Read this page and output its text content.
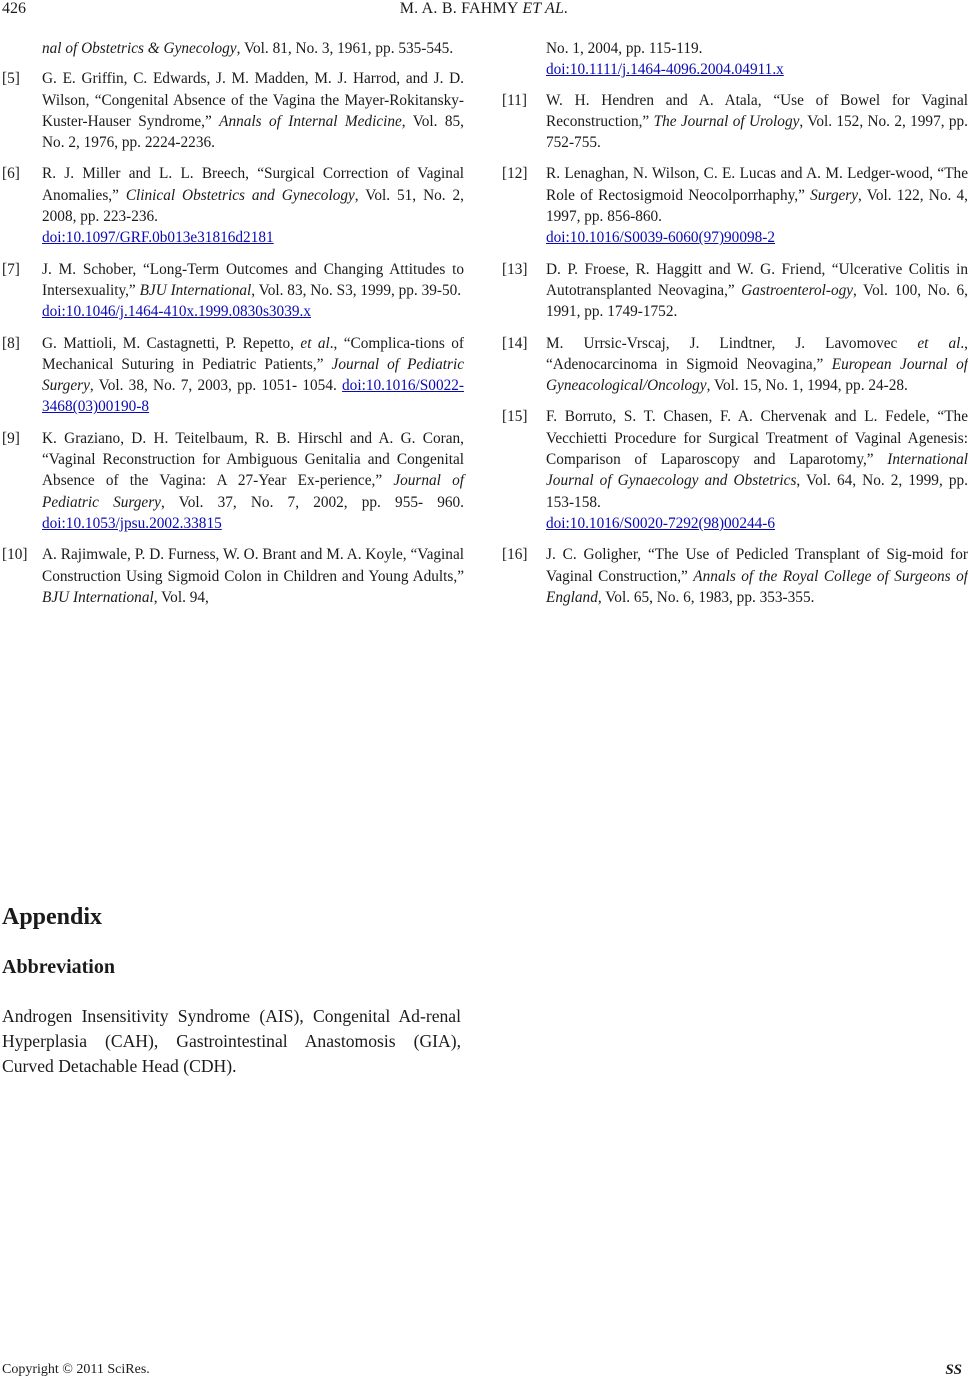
426	M. A. B. FAHMY ET AL.
nal of Obstetrics & Gynecology, Vol. 81, No. 3, 1961, pp. 535-545.
[5] G. E. Griffin, C. Edwards, J. M. Madden, M. J. Harrod, and J. D. Wilson, “Congenital Absence of the Vagina the Mayer-Rokitansky-Kuster-Hauser Syndrome,” Annals of Internal Medicine, Vol. 85, No. 2, 1976, pp. 2224-2236.
[6] R. J. Miller and L. L. Breech, “Surgical Correction of Vaginal Anomalies,” Clinical Obstetrics and Gynecology, Vol. 51, No. 2, 2008, pp. 223-236.
doi:10.1097/GRF.0b013e31816d2181
[7] J. M. Schober, “Long-Term Outcomes and Changing Attitudes to Intersexuality,” BJU International, Vol. 83, No. S3, 1999, pp. 39-50.
doi:10.1046/j.1464-410x.1999.0830s3039.x
[8] G. Mattioli, M. Castagnetti, P. Repetto, et al., “Complica-tions of Mechanical Suturing in Pediatric Patients,” Journal of Pediatric Surgery, Vol. 38, No. 7, 2003, pp. 1051- 1054. doi:10.1016/S0022-3468(03)00190-8
[9] K. Graziano, D. H. Teitelbaum, R. B. Hirschl and A. G. Coran, “Vaginal Reconstruction for Ambiguous Genitalia and Congenital Absence of the Vagina: A 27-Year Ex-perience,” Journal of Pediatric Surgery, Vol. 37, No. 7, 2002, pp. 955- 960. doi:10.1053/jpsu.2002.33815
[10] A. Rajimwale, P. D. Furness, W. O. Brant and M. A. Koyle, “Vaginal Construction Using Sigmoid Colon in Children and Young Adults,” BJU International, Vol. 94,
No. 1, 2004, pp. 115-119.
doi:10.1111/j.1464-4096.2004.04911.x
[11] W. H. Hendren and A. Atala, “Use of Bowel for Vaginal Reconstruction,” The Journal of Urology, Vol. 152, No. 2, 1997, pp. 752-755.
[12] R. Lenaghan, N. Wilson, C. E. Lucas and A. M. Ledger-wood, “The Role of Rectosigmoid Neocolporrhaphy,” Surgery, Vol. 122, No. 4, 1997, pp. 856-860.
doi:10.1016/S0039-6060(97)90098-2
[13] D. P. Froese, R. Haggitt and W. G. Friend, “Ulcerative Colitis in Autotransplanted Neovagina,” Gastroenterol-ogy, Vol. 100, No. 6, 1991, pp. 1749-1752.
[14] M. Urrsic-Vrscaj, J. Lindtner, J. Lavomovec et al., “Adenocarcinoma in Sigmoid Neovagina,” European Journal of Gyneacological/Oncology, Vol. 15, No. 1, 1994, pp. 24-28.
[15] F. Borruto, S. T. Chasen, F. A. Chervenak and L. Fedele, “The Vecchietti Procedure for Surgical Treatment of Vaginal Agenesis: Comparison of Laparoscopy and Laparotomy,” International Journal of Gynaecology and Obstetrics, Vol. 64, No. 2, 1999, pp. 153-158.
doi:10.1016/S0020-7292(98)00244-6
[16] J. C. Goligher, “The Use of Pedicled Transplant of Sig-moid for Vaginal Construction,” Annals of the Royal College of Surgeons of England, Vol. 65, No. 6, 1983, pp. 353-355.
Appendix
Abbreviation
Androgen Insensitivity Syndrome (AIS), Congenital Ad-renal Hyperplasia (CAH), Gastrointestinal Anastomosis (GIA), Curved Detachable Head (CDH).
Copyright © 2011 SciRes.	SS
